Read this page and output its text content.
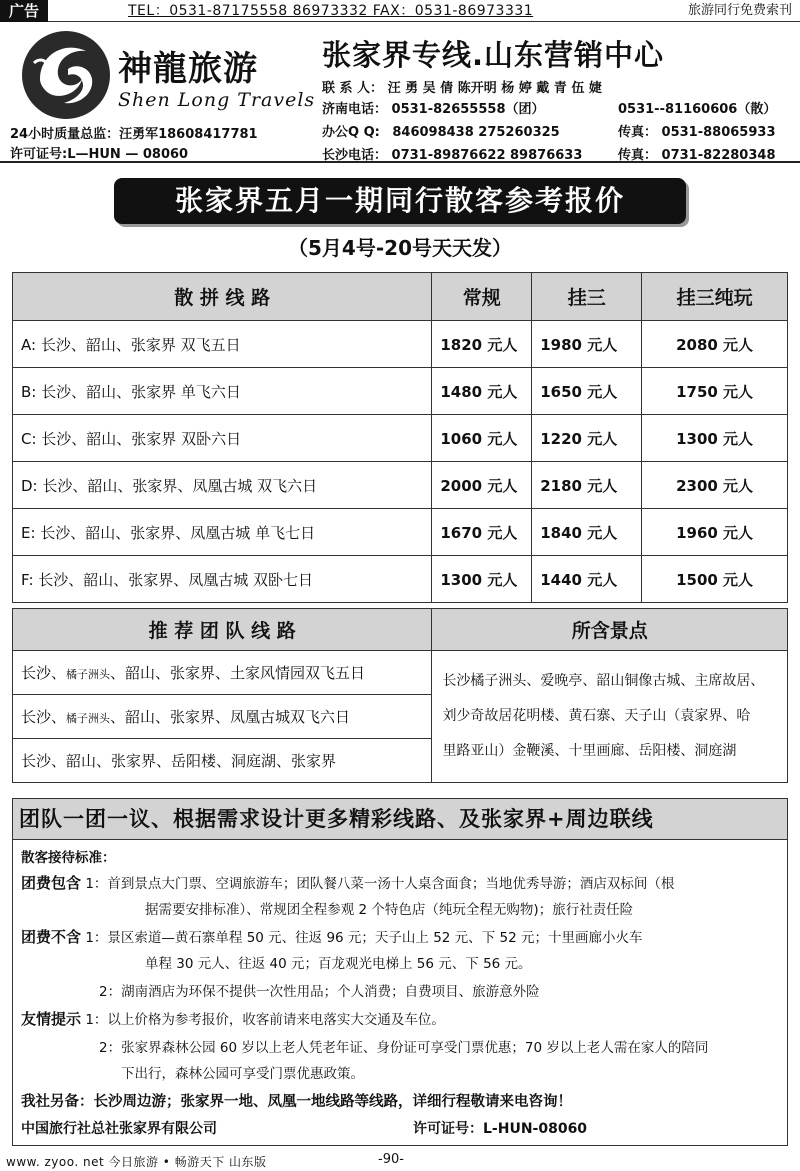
广告	TEL：0531-87175558 86973332 FAX：0531-86973331	旅游同行免费索刊
神龍旅游
Shen Long Travels
24小时质量总监：汪勇军18608417781
许可证号:L—HUN — 08060
张家界专线.山东营销中心
联 系 人： 汪 勇 吴 倩 陈开明 杨 婷 戴 青 伍 婕
济南电话： 0531-82655558（团）	0531--81160606（散）
办公Q Q: 846098438 275260325	传真： 0531-88065933
长沙电话： 0731-89876622 89876633	传真： 0731-82280348
张家界五月一期同行散客参考报价
（5月4号-20号天天发）
散 拼 线 路	常规	挂三	挂三纯玩
A: 长沙、韶山、张家界 双飞五日	1820 元人	1980 元人	2080 元人
B: 长沙、韶山、张家界 单飞六日	1480 元人	1650 元人	1750 元人
C: 长沙、韶山、张家界 双卧六日	1060 元人	1220 元人	1300 元人
D: 长沙、韶山、张家界、凤凰古城 双飞六日	2000 元人	2180 元人	2300 元人
E: 长沙、韶山、张家界、凤凰古城 单飞七日	1670 元人	1840 元人	1960 元人
F: 长沙、韶山、张家界、凤凰古城 双卧七日	1300 元人	1440 元人	1500 元人
推 荐 团 队 线 路	所含景点
长沙、橘子洲头、韶山、张家界、土家风情园双飞五日	长沙橘子洲头、爱晚亭、韶山铜像古城、主席故居、
刘少奇故居花明楼、黄石寨、天子山（袁家界、哈
里路亚山）金鞭溪、十里画廊、岳阳楼、洞庭湖

长沙、橘子洲头、韶山、张家界、凤凰古城双飞六日	
长沙、韶山、张家界、岳阳楼、洞庭湖、张家界	
团队一团一议、根据需求设计更多精彩线路、及张家界+周边联线
散客接待标准：
团费包含 1：首到景点大门票、空调旅游车；团队餐八菜一汤十人桌含面食；当地优秀导游；酒店双标间（根
据需要安排标准）、常规团全程参观 2 个特色店（纯玩全程无购物)；旅行社责任险
团费不含 1：景区索道—黄石寨单程 50 元、往返 96 元；天子山上 52 元、下 52 元；十里画廊小火车
单程 30 元人、往返 40 元；百龙观光电梯上 56 元、下 56 元。
2：湖南酒店为环保不提供一次性用品；个人消费；自费项目、旅游意外险
友情提示 1：以上价格为参考报价，收客前请来电落实大交通及车位。
2：张家界森林公园 60 岁以上老人凭老年证、身份证可享受门票优惠；70 岁以上老人需在家人的陪同
下出行，森林公园可享受门票优惠政策。
我社另备：长沙周边游；张家界一地、凤凰一地线路等线路，详细行程敬请来电咨询！
中国旅行社总社张家界有限公司	许可证号：L-HUN-08060
www. zyoo. net 今日旅游 • 畅游天下 山东版	-90-
